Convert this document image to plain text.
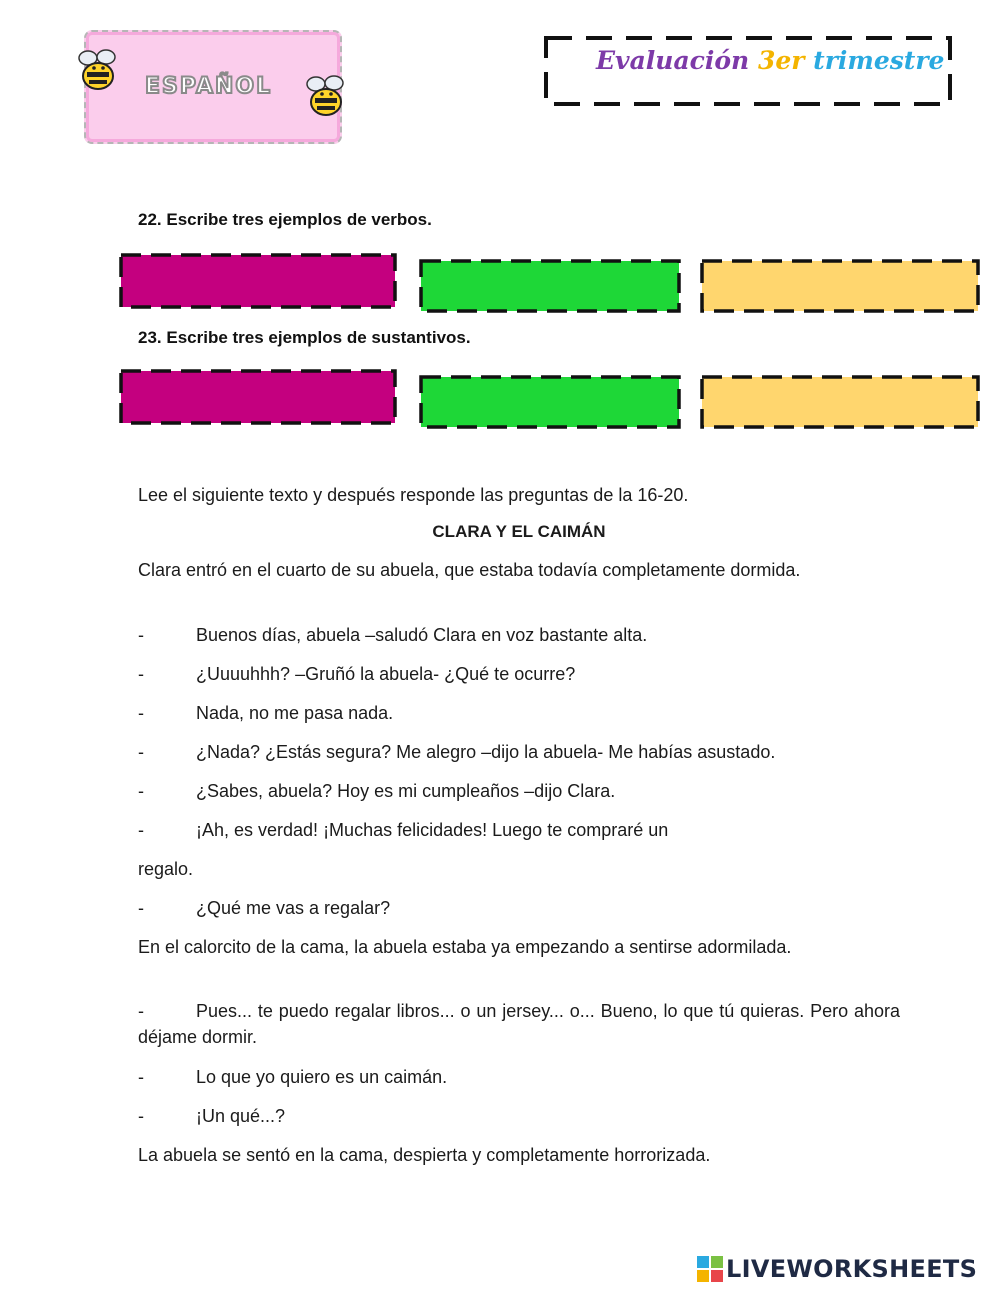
ESPAÑOL
Evaluación 3er trimestre
22. Escribe tres ejemplos de verbos.
23. Escribe tres ejemplos de sustantivos.
Lee el siguiente texto y después responde las preguntas de la 16-20.
CLARA Y EL CAIMÁN
Clara entró en el cuarto de su abuela, que estaba todavía completamente dormida.
-	Buenos días, abuela –saludó Clara en voz bastante alta.
-	¿Uuuuhhh? –Gruñó la abuela- ¿Qué te ocurre?
-	Nada, no me pasa nada.
-	¿Nada? ¿Estás segura? Me alegro –dijo la abuela- Me habías asustado.
-	¿Sabes, abuela? Hoy es mi cumpleaños –dijo Clara.
-	¡Ah, es verdad! ¡Muchas felicidades! Luego te compraré un
regalo.
-	¿Qué me vas a regalar?
En el calorcito de la cama, la abuela estaba ya empezando a sentirse adormilada.
-	Pues... te puedo regalar libros... o un jersey... o... Bueno, lo que tú quieras. Pero ahora déjame dormir.
-	Lo que yo quiero es un caimán.
-	¡Un qué...?
La abuela se sentó en la cama, despierta y completamente horrorizada.
LIVEWORKSHEETS
